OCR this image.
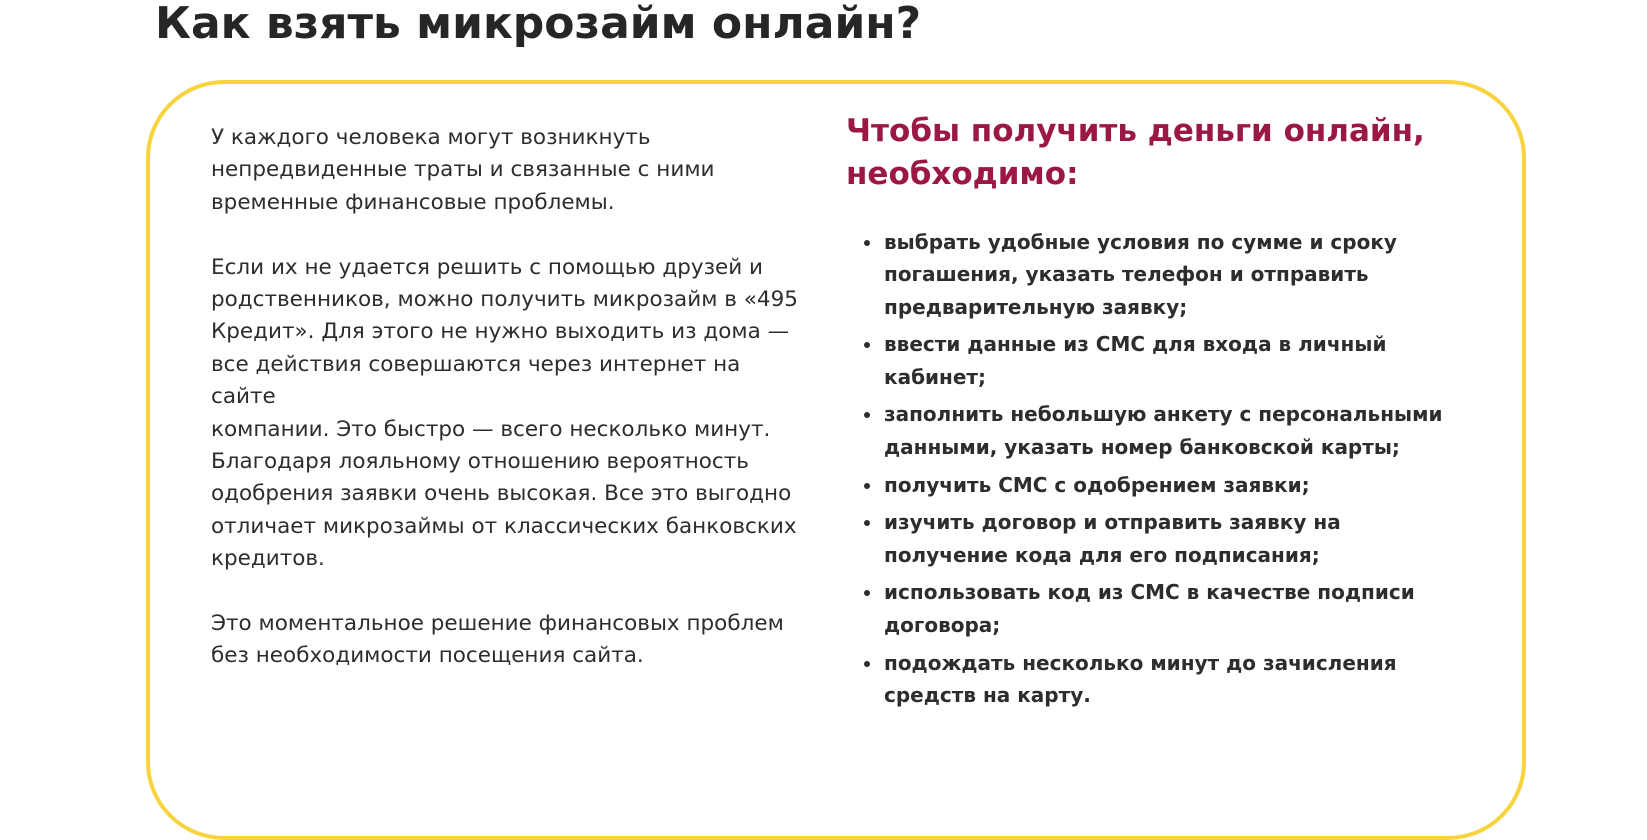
Как взять микрозайм онлайн?

У каждого человека могут возникнуть
непредвиденные траты и связанные с ними
временные финансовые проблемы.

Если их не удается решить с помощью друзей и
родственников, можно получить микрозайм в «495
Кредит». Для этого не нужно выходить из дома —
все действия совершаются через интернет на сайте
компании. Это быстро — всего несколько минут.
Благодаря лояльному отношению вероятность
одобрения заявки очень высокая. Все это выгодно
отличает микрозаймы от классических банковских
кредитов.

Это моментальное решение финансовых проблем
без необходимости посещения сайта.

Чтобы получить деньги онлайн,
необходимо:
выбрать удобные условия по сумме и сроку
погашения, указать телефон и отправить
предварительную заявку;
ввести данные из СМС для входа в личный
кабинет;
заполнить небольшую анкету с персональными
данными, указать номер банковской карты;
получить СМС с одобрением заявки;
изучить договор и отправить заявку на
получение кода для его подписания;
использовать код из СМС в качестве подписи
договора;
подождать несколько минут до зачисления
средств на карту.
